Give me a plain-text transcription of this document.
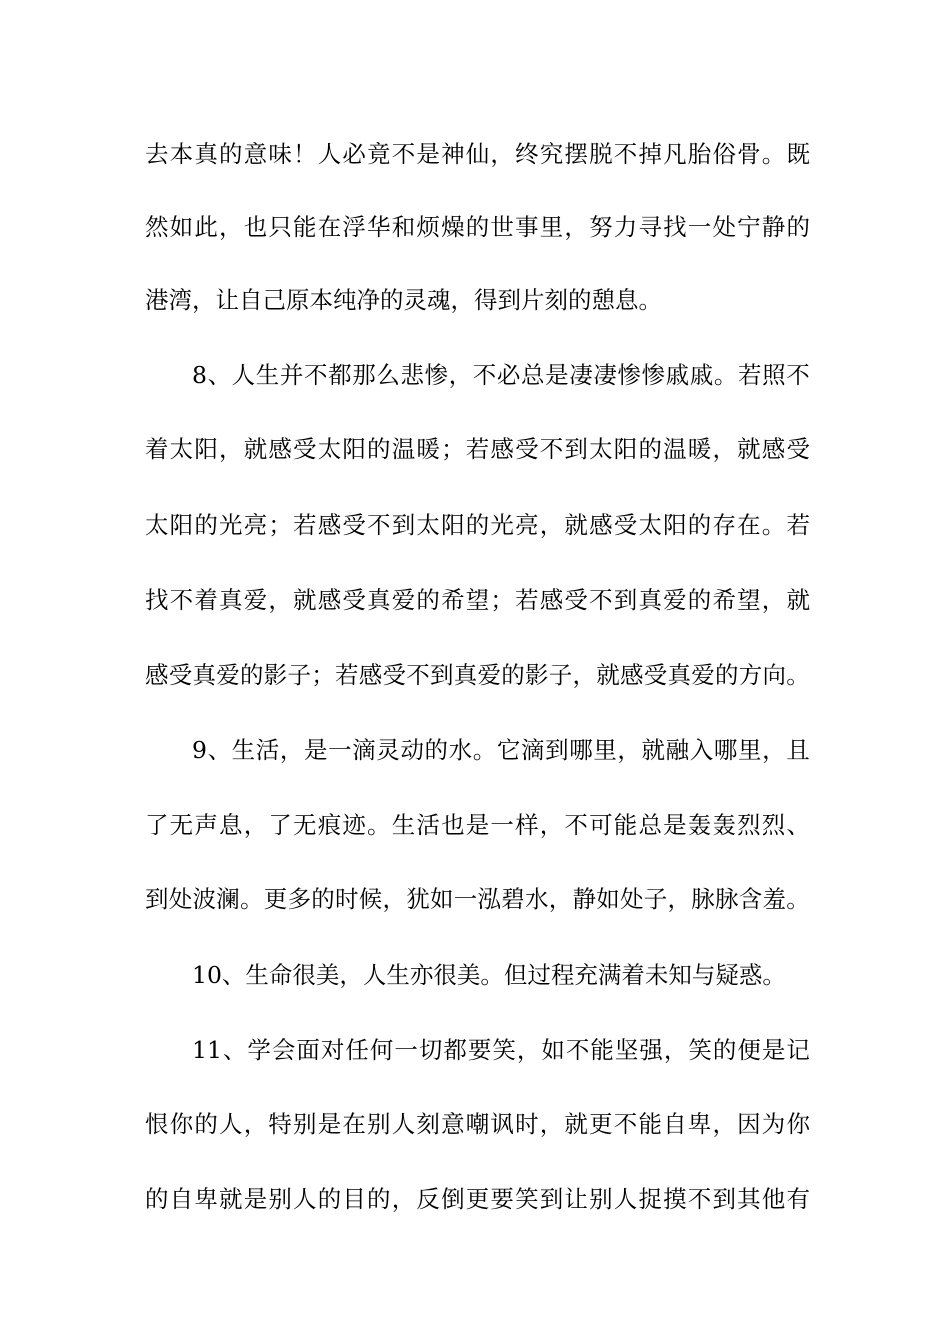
去 本 真 的 意 味 ！ 人 必 竟 不 是 神 仙 ， 终 究 摆 脱 不 掉 凡 胎 俗 骨 。 既
然 如 此 ， 也 只 能 在 浮 华 和 烦 燥 的 世 事 里 ， 努 力 寻 找 一 处 宁 静 的
港湾，让自己原本纯净的灵魂，得到片刻的憩息。
8 、 人 生 并 不 都 那 么 悲 惨 ， 不 必 总 是 凄 凄 惨 惨 戚 戚 。 若 照 不
着 太 阳 ， 就 感 受 太 阳 的 温 暖 ； 若 感 受 不 到 太 阳 的 温 暖 ， 就 感 受
太 阳 的 光 亮 ； 若 感 受 不 到 太 阳 的 光 亮 ， 就 感 受 太 阳 的 存 在 。 若
找 不 着 真 爱 ， 就 感 受 真 爱 的 希 望 ； 若 感 受 不 到 真 爱 的 希 望 ， 就
感 受 真 爱 的 影 子 ； 若 感 受 不 到 真 爱 的 影 子 ， 就 感 受 真 爱 的 方 向 。
9 、 生 活 ， 是 一 滴 灵 动 的 水 。 它 滴 到 哪 里 ， 就 融 入 哪 里 ， 且
了 无 声 息 ， 了 无 痕 迹 。 生 活 也 是 一 样 ， 不 可 能 总 是 轰 轰 烈 烈 、
到 处 波 澜 。 更 多 的 时 候 ， 犹 如 一 泓 碧 水 ， 静 如 处 子 ， 脉 脉 含 羞 。
10、生命很美，人生亦很美。但过程充满着未知与疑惑。
11 、 学 会 面 对 任 何 一 切 都 要 笑 ， 如 不 能 坚 强 ， 笑 的 便 是 记
恨 你 的 人 ， 特 别 是 在 别 人 刻 意 嘲 讽 时 ， 就 更 不 能 自 卑 ， 因 为 你
的 自 卑 就 是 别 人 的 目 的 ， 反 倒 更 要 笑 到 让 别 人 捉 摸 不 到 其 他 有
